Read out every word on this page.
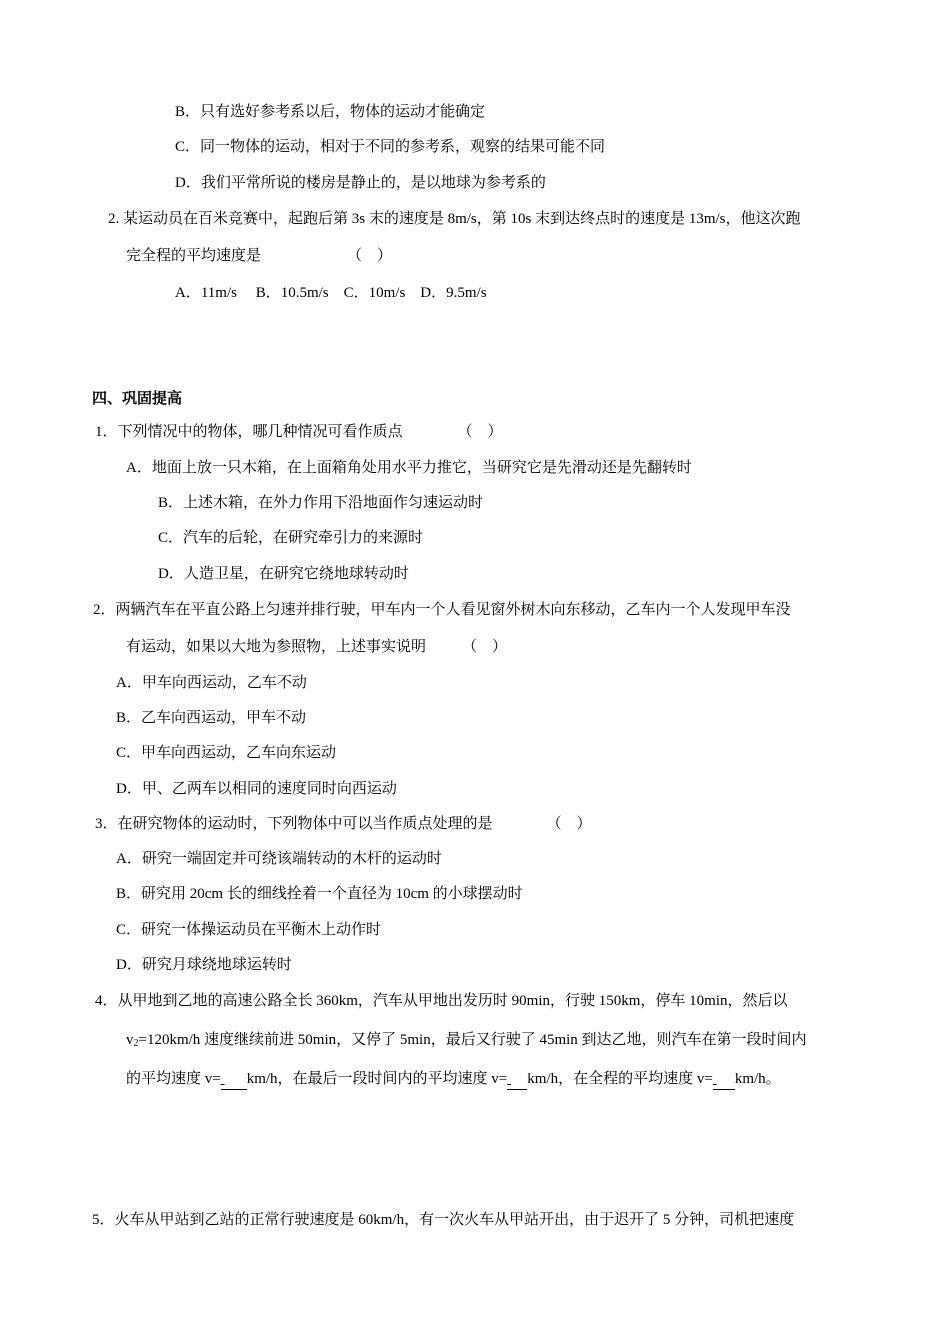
B．只有选好参考系以后，物体的运动才能确定
C．同一物体的运动，相对于不同的参考系，观察的结果可能不同
D．我们平常所说的楼房是静止的，是以地球为参考系的
2. 某运动员在百米竞赛中，起跑后第 3s 末的速度是 8m/s，第 10s 末到达终点时的速度是 13m/s，他这次跑
完全程的平均速度是	（　）
A．11m/s　 B．10.5m/s　C．10m/s　D．9.5m/s
四、巩固提高
1．下列情况中的物体，哪几种情况可看作质点	（　）
A．地面上放一只木箱，在上面箱角处用水平力推它，当研究它是先滑动还是先翻转时
B．上述木箱，在外力作用下沿地面作匀速运动时
C．汽车的后轮，在研究牵引力的来源时
D．人造卫星，在研究它绕地球转动时
2．两辆汽车在平直公路上匀速并排行驶，甲车内一个人看见窗外树木向东移动，乙车内一个人发现甲车没
有运动，如果以大地为参照物，上述事实说明 （　）
A．甲车向西运动，乙车不动
B．乙车向西运动，甲车不动
C．甲车向西运动，乙车向东运动
D．甲、乙两车以相同的速度同时向西运动
3．在研究物体的运动时，下列物体中可以当作质点处理的是	（　）
A．研究一端固定并可绕该端转动的木杆的运动时
B．研究用 20cm 长的细线拴着一个直径为 10cm 的小球摆动时
C．研究一体操运动员在平衡木上动作时
D．研究月球绕地球运转时
4．从甲地到乙地的高速公路全长 360km，汽车从甲地出发历时 90min，行驶 150km，停车 10min，然后以
$v_2=120km/h$ 速度继续前进 50min，又停了 5min，最后又行驶了 45min 到达乙地，则汽车在第一段时间内
的平均速度 v= km/h，在最后一段时间内的平均速度 v= km/h，在全程的平均速度 v= km/h。
5．火车从甲站到乙站的正常行驶速度是 60km/h，有一次火车从甲站开出，由于迟开了 5 分钟，司机把速度
